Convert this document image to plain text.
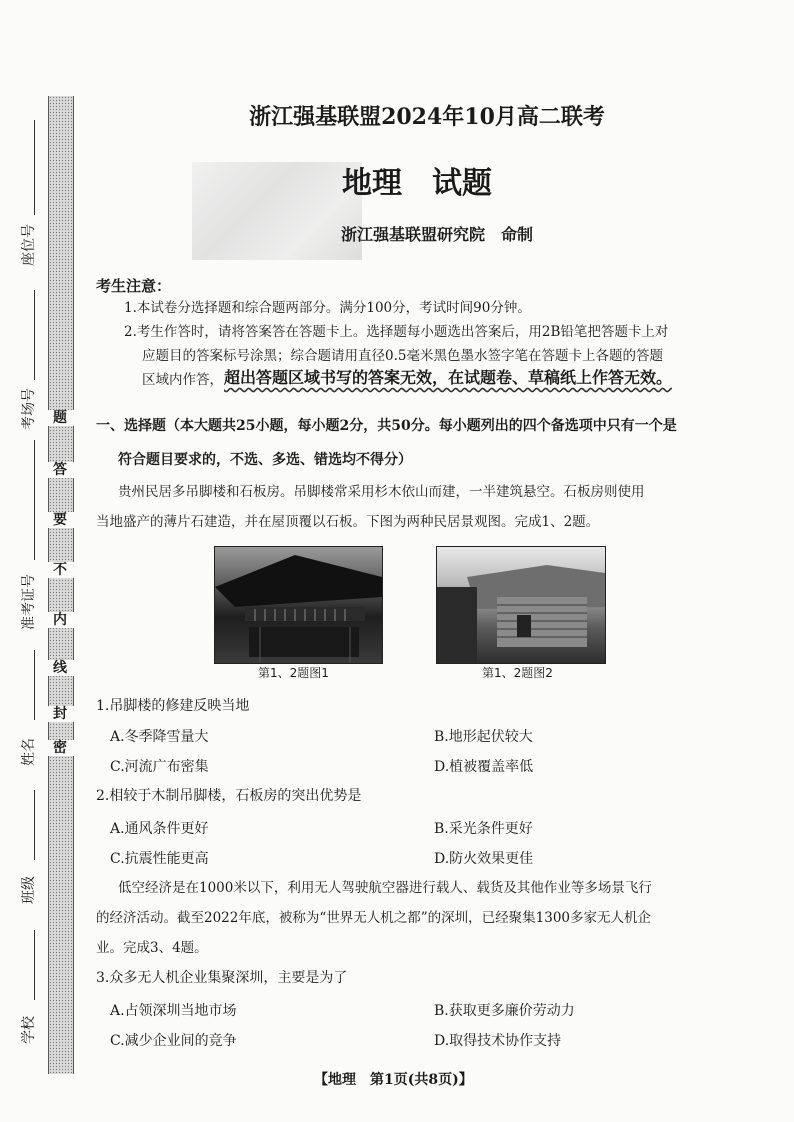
题
答
要
不
内
线
封
密
座位号
考场号
准考证号
姓名
班级
学校
浙江强基联盟2024年10月高二联考
地理　试题
浙江强基联盟研究院　命制
考生注意：
1.本试卷分选择题和综合题两部分。满分100分，考试时间90分钟。
2.考生作答时，请将答案答在答题卡上。选择题每小题选出答案后，用2B铅笔把答题卡上对
应题目的答案标号涂黑；综合题请用直径0.5毫米黑色墨水签字笔在答题卡上各题的答题
区域内作答， 超出答题区域书写的答案无效，在试题卷、草稿纸上作答无效。
一、选择题（本大题共25小题，每小题2分，共50分。每小题列出的四个备选项中只有一个是
符合题目要求的，不选、多选、错选均不得分）
贵州民居多吊脚楼和石板房。吊脚楼常采用杉木依山而建，一半建筑悬空。石板房则使用
当地盛产的薄片石建造，并在屋顶覆以石板。下图为两种民居景观图。完成1、2题。
第1、2题图1	第1、2题图2
1.吊脚楼的修建反映当地
A.冬季降雪量大	B.地形起伏较大
C.河流广布密集	D.植被覆盖率低
2.相较于木制吊脚楼，石板房的突出优势是
A.通风条件更好	B.采光条件更好
C.抗震性能更高	D.防火效果更佳
低空经济是在1000米以下，利用无人驾驶航空器进行载人、载货及其他作业等多场景飞行
的经济活动。截至2022年底，被称为“世界无人机之都”的深圳，已经聚集1300多家无人机企
业。完成3、4题。
3.众多无人机企业集聚深圳，主要是为了
A.占领深圳当地市场	B.获取更多廉价劳动力
C.减少企业间的竞争	D.取得技术协作支持
【地理　第1页(共8页)】
